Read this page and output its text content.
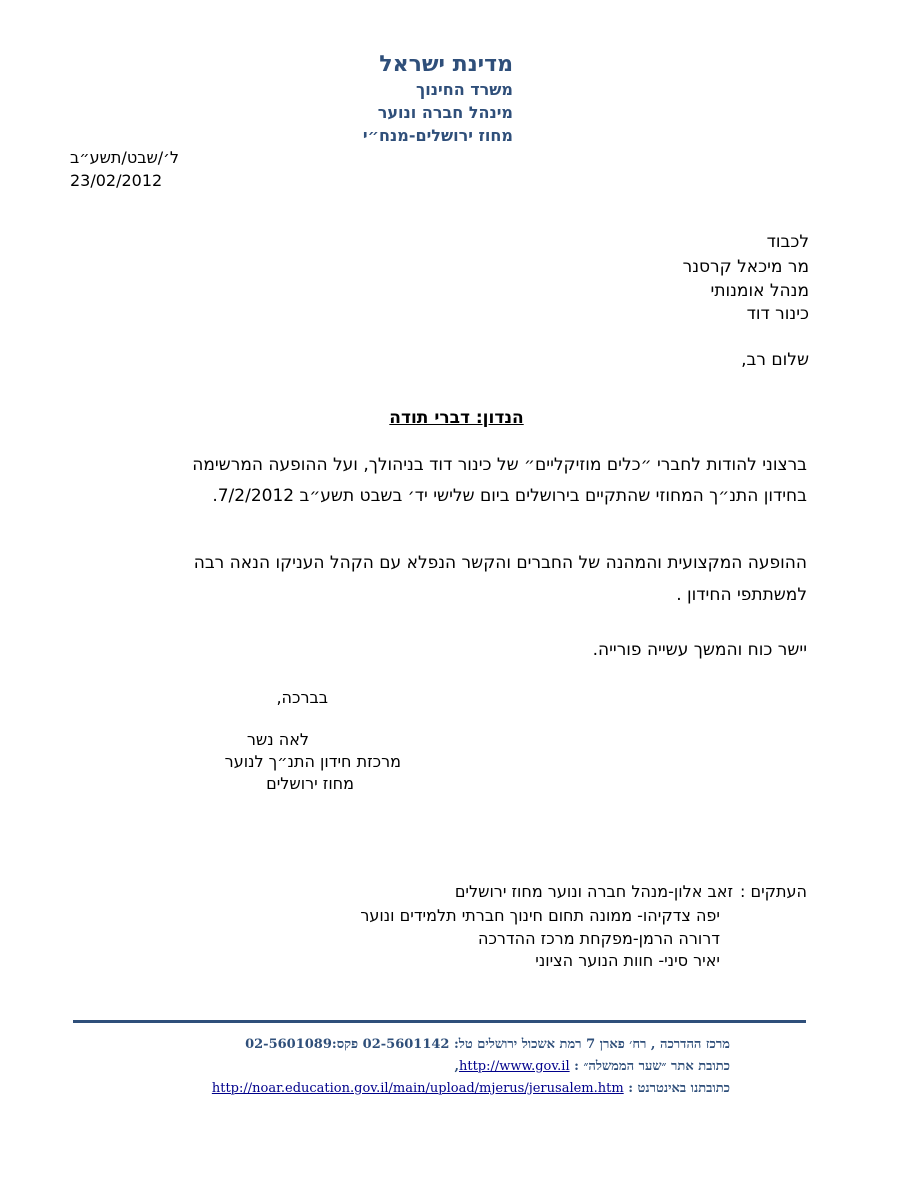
מדינת ישראל
משרד החינוך
מינהל חברה ונוער
מחוז ירושלים-מנח״י
ל׳/שבט/תשע״ב
23/02/2012
לכבוד
מר מיכאל קרסנר
מנהל אומנותי
כינור דוד
שלום רב,
הנדון: דברי תודה
ברצוני להודות לחברי ״כלים מוזיקליים״ של כינור דוד בניהולך, ועל ההופעה המרשימה
בחידון התנ״ך המחוזי שהתקיים בירושלים ביום שלישי יד׳ בשבט תשע״ב 7/2/2012.
ההופעה המקצועית והמהנה של החברים והקשר הנפלא עם הקהל העניקו הנאה רבה
למשתתפי החידון .
יישר כוח והמשך עשייה פורייה.
בברכה,
לאה נשר
מרכזת חידון התנ״ך לנוער
מחוז ירושלים
העתקים :
זאב אלון-מנהל חברה ונוער מחוז ירושלים
יפה צדקיהו- ממונה תחום חינוך חברתי תלמידים ונוער
דרורה הרמן-מפקחת מרכז ההדרכה
יאיר סיני- חוות הנוער הציוני
מרכז ההדרכה , רח׳ פארן 7 רמת אשכול ירושלים טל: 02-5601142 פקס:02-5601089
כתובת אתר ״שער הממשלה״ : http://www.gov.il,
כתובתנו באינטרנט : http://noar.education.gov.il/main/upload/mjerus/jerusalem.htm
